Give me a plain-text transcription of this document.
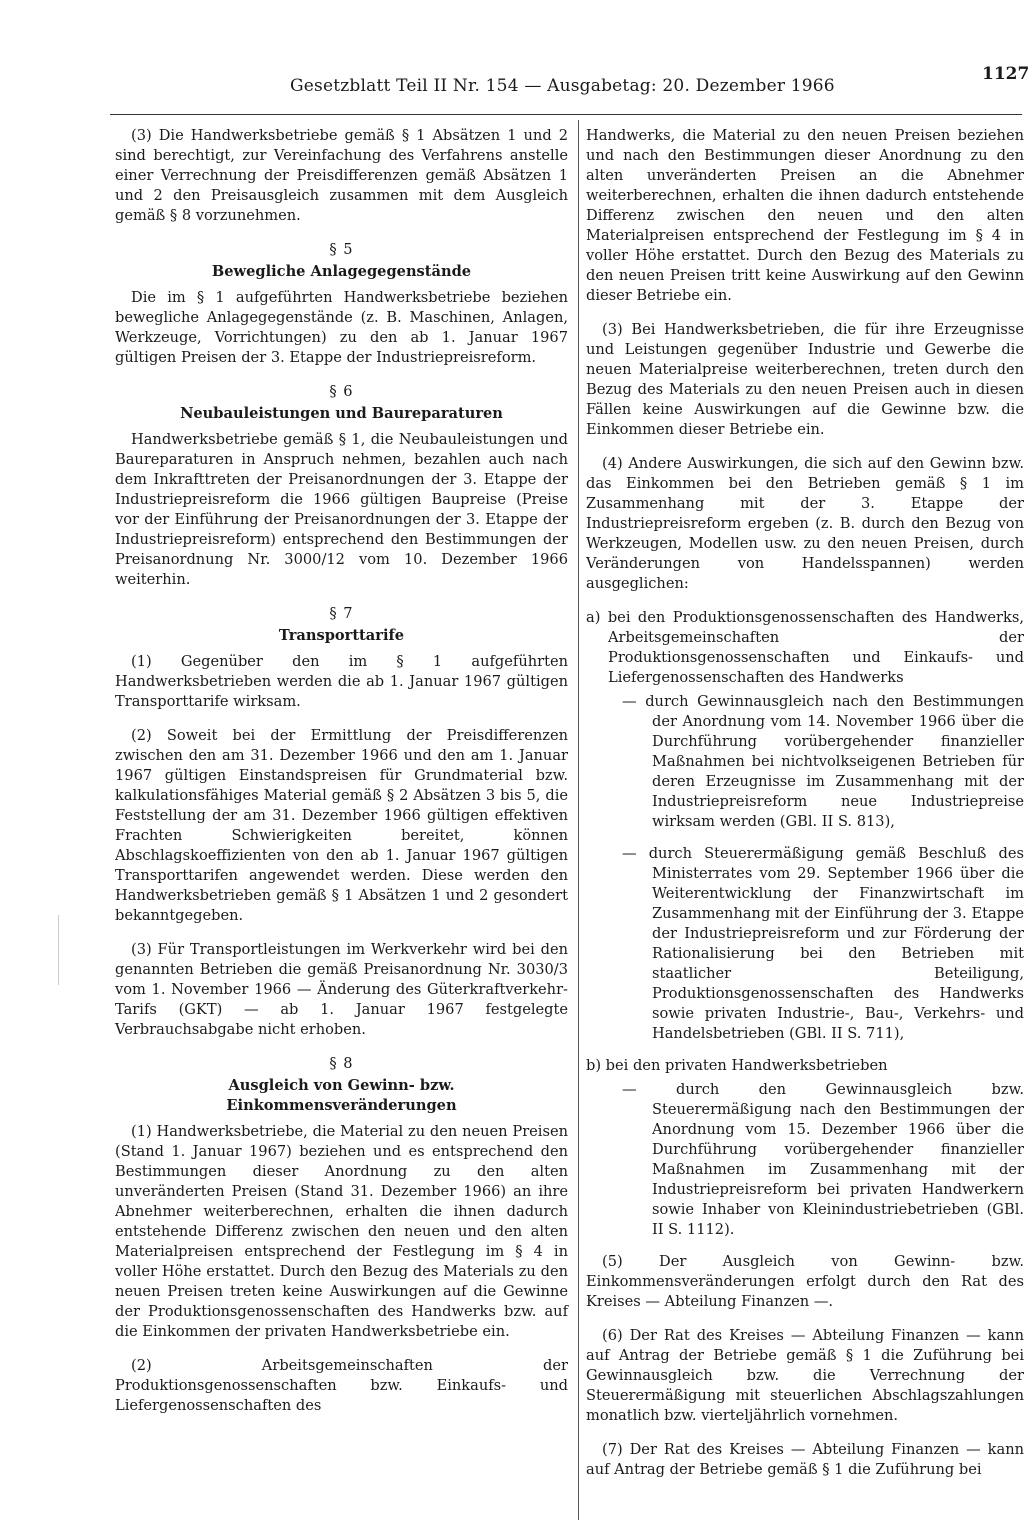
Gesetzblatt Teil II Nr. 154 — Ausgabetag: 20. Dezember 1966
1127

(3) Die Handwerksbetriebe gemäß § 1 Absätzen 1 und 2 sind berechtigt, zur Vereinfachung des Verfahrens anstelle einer Verrechnung der Preisdifferenzen gemäß Absätzen 1 und 2 den Preisausgleich zusammen mit dem Ausgleich gemäß § 8 vorzunehmen.

§ 5
Bewegliche Anlagegegenstände

Die im § 1 aufgeführten Handwerksbetriebe beziehen bewegliche Anlagegegenstände (z. B. Maschinen, Anlagen, Werkzeuge, Vorrichtungen) zu den ab 1. Januar 1967 gültigen Preisen der 3. Etappe der Industriepreisreform.

§ 6
Neubauleistungen und Baureparaturen

Handwerksbetriebe gemäß § 1, die Neubauleistungen und Baureparaturen in Anspruch nehmen, bezahlen auch nach dem Inkrafttreten der Preisanordnungen der 3. Etappe der Industriepreisreform die 1966 gültigen Baupreise (Preise vor der Einführung der Preisanordnungen der 3. Etappe der Industriepreisreform) entsprechend den Bestimmungen der Preisanordnung Nr. 3000/12 vom 10. Dezember 1966 weiterhin.

§ 7
Transporttarife

(1) Gegenüber den im § 1 aufgeführten Handwerksbetrieben werden die ab 1. Januar 1967 gültigen Transporttarife wirksam.

(2) Soweit bei der Ermittlung der Preisdifferenzen zwischen den am 31. Dezember 1966 und den am 1. Januar 1967 gültigen Einstandspreisen für Grundmaterial bzw. kalkulationsfähiges Material gemäß § 2 Absätzen 3 bis 5, die Feststellung der am 31. Dezember 1966 gültigen effektiven Frachten Schwierigkeiten bereitet, können Abschlagskoeffizienten von den ab 1. Januar 1967 gültigen Transporttarifen angewendet werden. Diese werden den Handwerksbetrieben gemäß § 1 Absätzen 1 und 2 gesondert bekanntgegeben.

(3) Für Transportleistungen im Werkverkehr wird bei den genannten Betrieben die gemäß Preisanordnung Nr. 3030/3 vom 1. November 1966 — Änderung des Güterkraftverkehr-Tarifs (GKT) — ab 1. Januar 1967 festgelegte Verbrauchsabgabe nicht erhoben.

§ 8
Ausgleich von Gewinn- bzw.
Einkommensveränderungen

(1) Handwerksbetriebe, die Material zu den neuen Preisen (Stand 1. Januar 1967) beziehen und es entsprechend den Bestimmungen dieser Anordnung zu den alten unveränderten Preisen (Stand 31. Dezember 1966) an ihre Abnehmer weiterberechnen, erhalten die ihnen dadurch entstehende Differenz zwischen den neuen und den alten Materialpreisen entsprechend der Festlegung im § 4 in voller Höhe erstattet. Durch den Bezug des Materials zu den neuen Preisen treten keine Auswirkungen auf die Gewinne der Produktionsgenossenschaften des Handwerks bzw. auf die Einkommen der privaten Handwerksbetriebe ein.

(2) Arbeitsgemeinschaften der Produktionsgenossenschaften bzw. Einkaufs- und Liefergenossenschaften des

Handwerks, die Material zu den neuen Preisen beziehen und nach den Bestimmungen dieser Anordnung zu den alten unveränderten Preisen an die Abnehmer weiterberechnen, erhalten die ihnen dadurch entstehende Differenz zwischen den neuen und den alten Materialpreisen entsprechend der Festlegung im § 4 in voller Höhe erstattet. Durch den Bezug des Materials zu den neuen Preisen tritt keine Auswirkung auf den Gewinn dieser Betriebe ein.

(3) Bei Handwerksbetrieben, die für ihre Erzeugnisse und Leistungen gegenüber Industrie und Gewerbe die neuen Materialpreise weiterberechnen, treten durch den Bezug des Materials zu den neuen Preisen auch in diesen Fällen keine Auswirkungen auf die Gewinne bzw. die Einkommen dieser Betriebe ein.

(4) Andere Auswirkungen, die sich auf den Gewinn bzw. das Einkommen bei den Betrieben gemäß § 1 im Zusammenhang mit der 3. Etappe der Industriepreisreform ergeben (z. B. durch den Bezug von Werkzeugen, Modellen usw. zu den neuen Preisen, durch Veränderungen von Handelsspannen) werden ausgeglichen:

a) bei den Produktionsgenossenschaften des Handwerks, Arbeitsgemeinschaften der Produktionsgenossenschaften und Einkaufs- und Liefergenossenschaften des Handwerks

— durch Gewinnausgleich nach den Bestimmungen der Anordnung vom 14. November 1966 über die Durchführung vorübergehender finanzieller Maßnahmen bei nichtvolkseigenen Betrieben für deren Erzeugnisse im Zusammenhang mit der Industriepreisreform neue Industriepreise wirksam werden (GBl. II S. 813),

— durch Steuerermäßigung gemäß Beschluß des Ministerrates vom 29. September 1966 über die Weiterentwicklung der Finanzwirtschaft im Zusammenhang mit der Einführung der 3. Etappe der Industriepreisreform und zur Förderung der Rationalisierung bei den Betrieben mit staatlicher Beteiligung, Produktionsgenossenschaften des Handwerks sowie privaten Industrie-, Bau-, Verkehrs- und Handelsbetrieben (GBl. II S. 711),

b) bei den privaten Handwerksbetrieben

— durch den Gewinnausgleich bzw. Steuerermäßigung nach den Bestimmungen der Anordnung vom 15. Dezember 1966 über die Durchführung vorübergehender finanzieller Maßnahmen im Zusammenhang mit der Industriepreisreform bei privaten Handwerkern sowie Inhaber von Kleinindustriebetrieben (GBl. II S. 1112).

(5) Der Ausgleich von Gewinn- bzw. Einkommensveränderungen erfolgt durch den Rat des Kreises — Abteilung Finanzen —.

(6) Der Rat des Kreises — Abteilung Finanzen — kann auf Antrag der Betriebe gemäß § 1 die Zuführung bei Gewinnausgleich bzw. die Verrechnung der Steuerermäßigung mit steuerlichen Abschlagszahlungen monatlich bzw. vierteljährlich vornehmen.

(7) Der Rat des Kreises — Abteilung Finanzen — kann auf Antrag der Betriebe gemäß § 1 die Zuführung bei
